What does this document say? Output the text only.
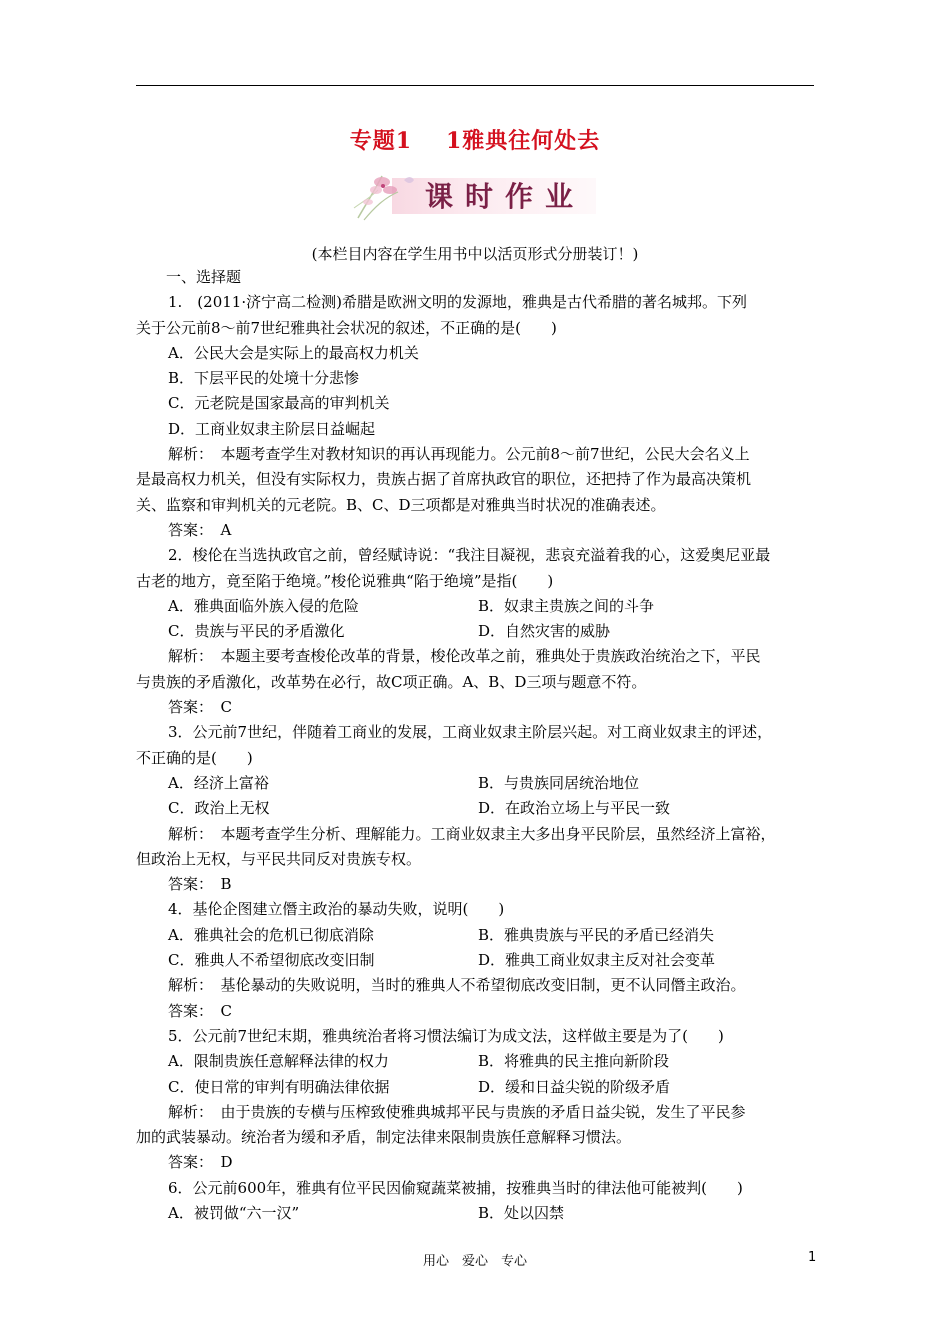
专题1 1雅典往何处去
课 时 作 业
(本栏目内容在学生用书中以活页形式分册装订！)
一、选择题
1.　(2011·济宁高二检测)希腊是欧洲文明的发源地，雅典是古代希腊的著名城邦。下列
关于公元前8～前7世纪雅典社会状况的叙述，不正确的是(　　)
A．公民大会是实际上的最高权力机关
B．下层平民的处境十分悲惨
C．元老院是国家最高的审判机关
D．工商业奴隶主阶层日益崛起
解析：　本题考查学生对教材知识的再认再现能力。公元前8～前7世纪，公民大会名义上
是最高权力机关，但没有实际权力，贵族占据了首席执政官的职位，还把持了作为最高决策机
关、监察和审判机关的元老院。B、C、D三项都是对雅典当时状况的准确表述。
答案：　A
2．梭伦在当选执政官之前，曾经赋诗说：“我注目凝视，悲哀充溢着我的心，这爱奥尼亚最
古老的地方，竟至陷于绝境。”梭伦说雅典“陷于绝境”是指(　　)
A．雅典面临外族入侵的危险	B．奴隶主贵族之间的斗争
C．贵族与平民的矛盾激化	D．自然灾害的威胁
解析：　本题主要考查梭伦改革的背景，梭伦改革之前，雅典处于贵族政治统治之下，平民
与贵族的矛盾激化，改革势在必行，故C项正确。A、B、D三项与题意不符。
答案：　C
3．公元前7世纪，伴随着工商业的发展，工商业奴隶主阶层兴起。对工商业奴隶主的评述，
不正确的是(　　)
A．经济上富裕	B．与贵族同居统治地位
C．政治上无权	D．在政治立场上与平民一致
解析：　本题考查学生分析、理解能力。工商业奴隶主大多出身平民阶层，虽然经济上富裕，
但政治上无权，与平民共同反对贵族专权。
答案：　B
4．基伦企图建立僭主政治的暴动失败，说明(　　)
A．雅典社会的危机已彻底消除	B．雅典贵族与平民的矛盾已经消失
C．雅典人不希望彻底改变旧制	D．雅典工商业奴隶主反对社会变革
解析：　基伦暴动的失败说明，当时的雅典人不希望彻底改变旧制，更不认同僭主政治。
答案：　C
5．公元前7世纪末期，雅典统治者将习惯法编订为成文法，这样做主要是为了(　　)
A．限制贵族任意解释法律的权力	B．将雅典的民主推向新阶段
C．使日常的审判有明确法律依据	D．缓和日益尖锐的阶级矛盾
解析：　由于贵族的专横与压榨致使雅典城邦平民与贵族的矛盾日益尖锐，发生了平民参
加的武装暴动。统治者为缓和矛盾，制定法律来限制贵族任意解释习惯法。
答案：　D
6．公元前600年，雅典有位平民因偷窥蔬菜被捕，按雅典当时的律法他可能被判(　　)
A．被罚做“六一汉”	B．处以囚禁
用心　爱心　专心	1
